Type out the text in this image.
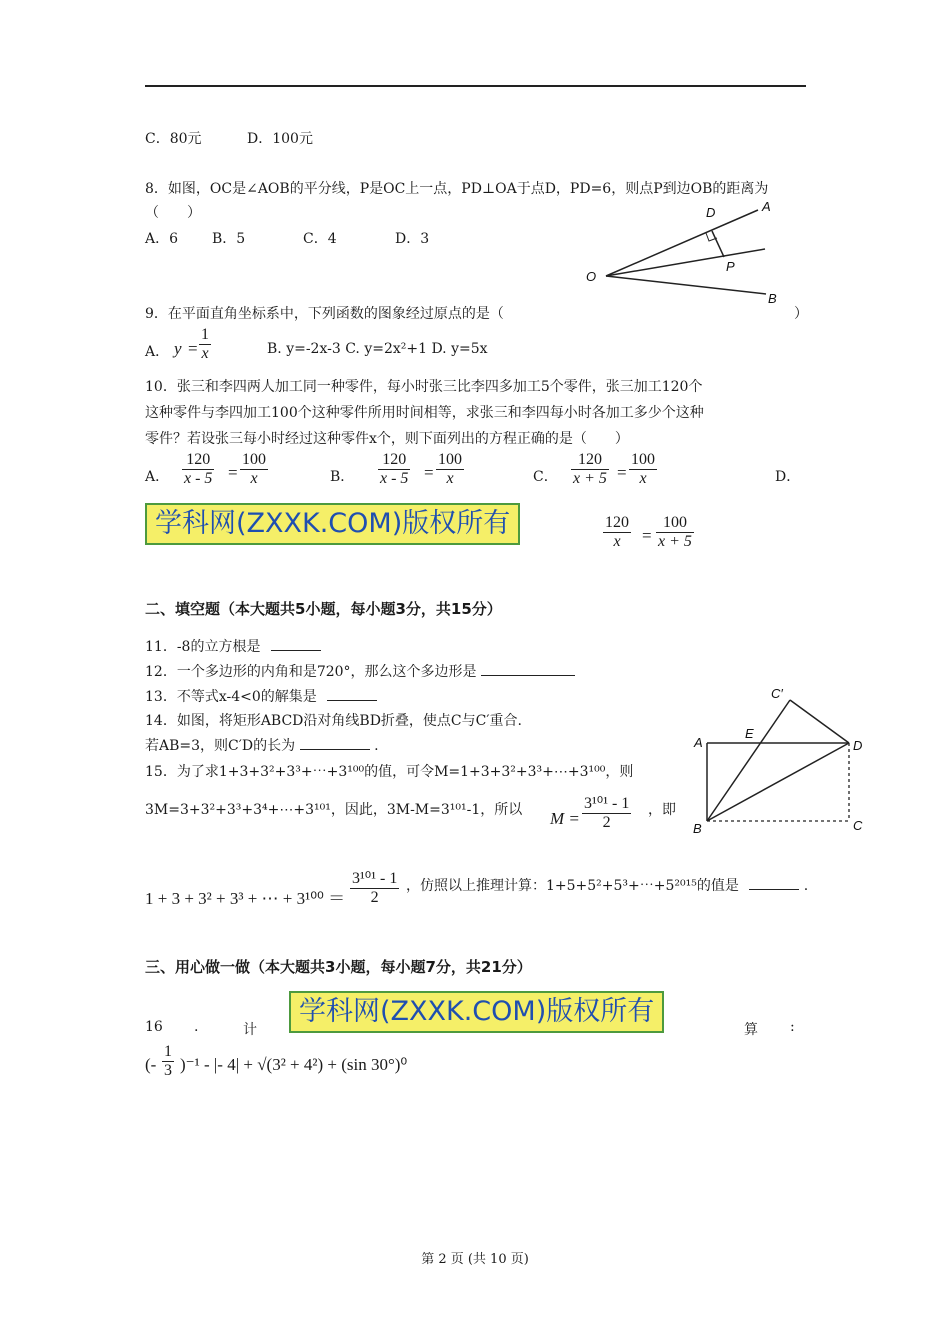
C．80元	D．100元
8．如图，OC是∠AOB的平分线，P是OC上一点，PD⊥OA于点D，PD=6，则点P到边OB的距离为
（　　）
A．6 B．5	C．4	D．3
O
A
B
D
P
9．在平面直角坐标系中，下列函数的图象经过原点的是（	）
A． $y = \frac{1}{x}$	B. y=-2x-3 C. y=2x²+1 D. y=5x
10．张三和李四两人加工同一种零件，每小时张三比李四多加工5个零件，张三加工120个
这种零件与李四加工100个这种零件所用时间相等，求张三和李四每小时各加工多少个这种
零件？若设张三每小时经过这种零件x个，则下面列出的方程正确的是（　　）
A． $\frac{120}{x - 5} = \frac{100}{x}$	B． $\frac{120}{x - 5} = \frac{100}{x}$	C． $\frac{120}{x + 5} = \frac{100}{x}$	D．
学科网(ZXXK.COM)版权所有	$\frac{120}{x} = \frac{100}{x + 5}$
二、填空题（本大题共5小题，每小题3分，共15分）
11．-8的立方根是
12．一个多边形的内角和是720°，那么这个多边形是
13．不等式x-4<0的解集是
14．如图，将矩形ABCD沿对角线BD折叠，使点C与C′重合.
若AB=3，则C′D的长为	.	A
B	C
D
E
C′
15．为了求1+3+3²+3³+⋯+3¹⁰⁰的值，可令M=1+3+3²+3³+⋯+3¹⁰⁰，则
3M=3+3²+3³+3⁴+⋯+3¹⁰¹，因此，3M-M=3¹⁰¹-1，所以 $M = \frac{\text{3¹⁰¹ - 1}}{2}$ ，即
1 + 3 + 3² + 3³ + ⋯ + $3^{100} = \frac{\text{3¹⁰¹ - 1}}{2}$ ，仿照以上推理计算：1+5+5²+5³+⋯+5²⁰¹⁵的值是	.
三、用心做一做（本大题共3小题，每小题7分，共21分）
16 .	计
学科网(ZXXK.COM)版权所有
算 :
(- $\frac{1}{3} )^{-1}$ - |- 4| + √(3² + 4²) + (sin 30°)⁰
第 2 页 (共 10 页)
